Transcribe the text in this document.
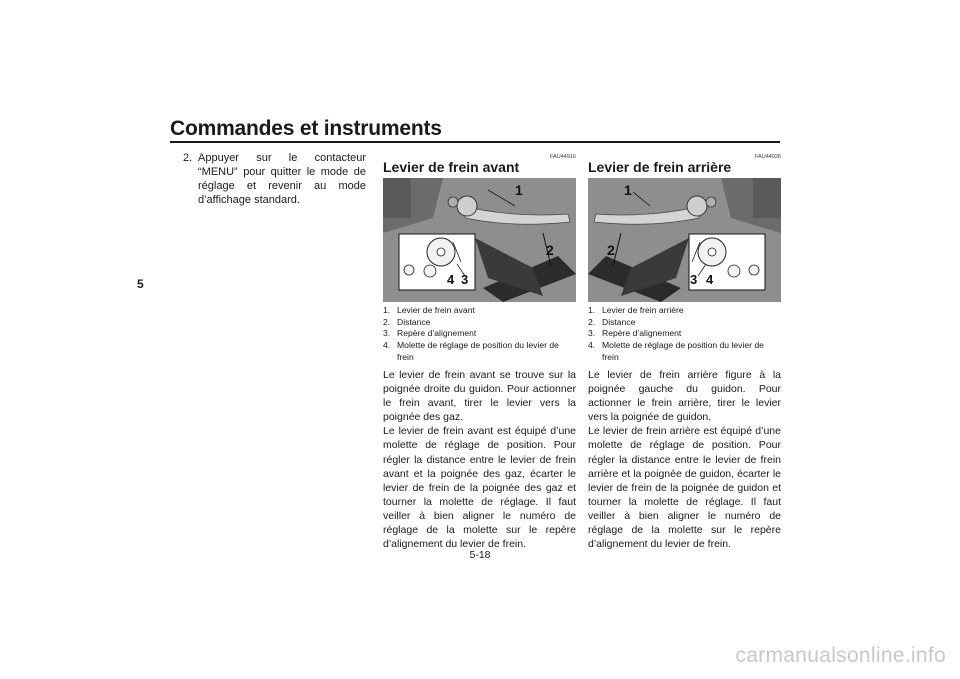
Commandes et instruments
5
2. Appuyer sur le contacteur “MENU” pour quitter le mode de réglage et revenir au mode d’affichage standard.
FAU44916
Levier de frein avant
1
2
4 3
1. Levier de frein avant
2. Distance
3. Repère d’alignement
4. Molette de réglage de position du levier de frein

Le levier de frein avant se trouve sur la poignée droite du guidon. Pour actionner le frein avant, tirer le levier vers la poignée des gaz.

Le levier de frein avant est équipé d’une molette de réglage de position. Pour régler la distance entre le levier de frein avant et la poignée des gaz, écarter le levier de frein de la poignée des gaz et tourner la molette de réglage. Il faut veiller à bien aligner le numéro de réglage de la molette sur le repère d’alignement du levier de frein.

FAU44926
Levier de frein arrière
1
2
3 4
1. Levier de frein arrière
2. Distance
3. Repère d’alignement
4. Molette de réglage de position du levier de frein

Le levier de frein arrière figure à la poignée gauche du guidon. Pour actionner le frein arrière, tirer le levier vers la poignée de guidon.

Le levier de frein arrière est équipé d’une molette de réglage de position. Pour régler la distance entre le levier de frein arrière et la poignée de guidon, écarter le levier de frein de la poignée de guidon et tourner la molette de réglage. Il faut veiller à bien aligner le numéro de réglage de la molette sur le repère d’alignement du levier de frein.

5-18
carmanualsonline.info
